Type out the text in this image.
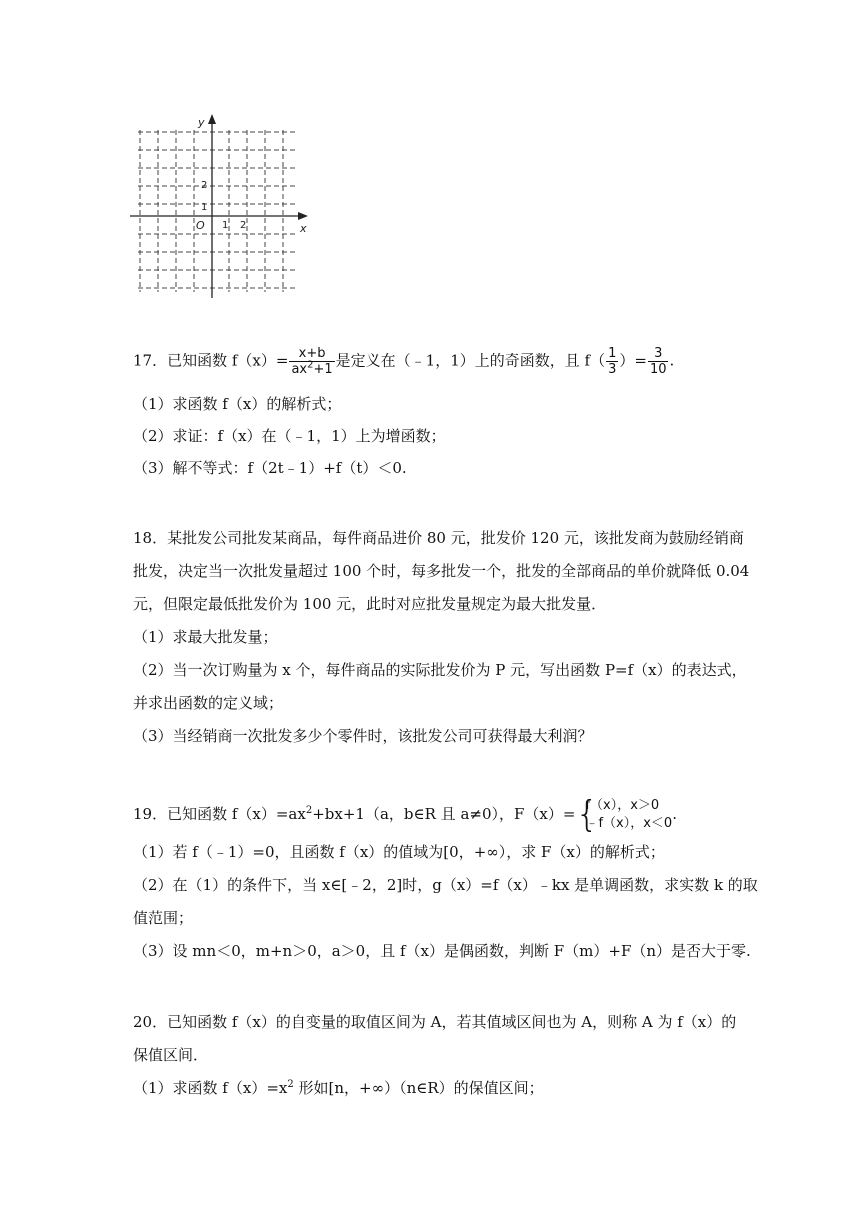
y
x
O
2
1
1 2
17．已知函数 $f(x)= \frac{x+b}{ax^2+1}$ 是定义在（﹣1，1）上的奇函数，且 $f( \frac{1}{3}$ ）= $\frac{3}{10}$ .
（1）求函数 f（x）的解析式；
（2）求证：f（x）在（﹣1，1）上为增函数；
（3）解不等式：f（2t﹣1）+f（t）＜0.
18．某批发公司批发某商品，每件商品进价 80 元，批发价 120 元，该批发商为鼓励经销商
批发，决定当一次批发量超过 100 个时，每多批发一个，批发的全部商品的单价就降低 0.04
元，但限定最低批发价为 100 元，此时对应批发量规定为最大批发量．
（1）求最大批发量；
（2）当一次订购量为 x 个，每件商品的实际批发价为 P 元，写出函数 P=f（x）的表达式，
并求出函数的定义域；
（3）当经销商一次批发多少个零件时，该批发公司可获得最大利润？
19．已知函数 $f(x)=ax^2+bx+1(a$，b∈R 且 a≠0），F（x）= {
f（x），x＞0
﹣f（x），x＜0
.
（1）若 f（﹣1）=0，且函数 f（x）的值域为[0，+∞），求 F（x）的解析式；
（2）在（1）的条件下，当 x∈[﹣2，2]时，g（x）=f（x）﹣kx 是单调函数，求实数 k 的取
值范围；
（3）设 mn＜0，m+n＞0，a＞0，且 f（x）是偶函数，判断 F（m）+F（n）是否大于零.
20．已知函数 f（x）的自变量的取值区间为 A，若其值域区间也为 A，则称 A 为 f（x）的
保值区间．
（1）求函数 $f(x)=x^2$ 形如[n，+∞）（n∈R）的保值区间；
